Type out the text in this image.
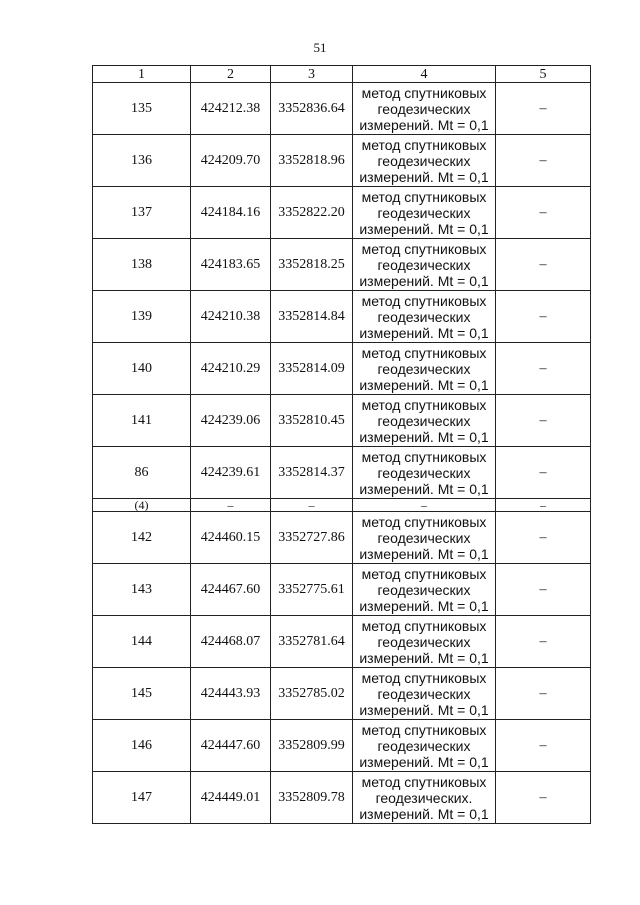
51
1	2	3	4	5
135	424212.38	3352836.64	метод спутниковых
геодезических
измерений. Mt = 0,1	–
136	424209.70	3352818.96	метод спутниковых
геодезических
измерений. Mt = 0,1	–
137	424184.16	3352822.20	метод спутниковых
геодезических
измерений. Mt = 0,1	–
138	424183.65	3352818.25	метод спутниковых
геодезических
измерений. Mt = 0,1	–
139	424210.38	3352814.84	метод спутниковых
геодезических
измерений. Mt = 0,1	–
140	424210.29	3352814.09	метод спутниковых
геодезических
измерений. Mt = 0,1	–
141	424239.06	3352810.45	метод спутниковых
геодезических
измерений. Mt = 0,1	–
86	424239.61	3352814.37	метод спутниковых
геодезических
измерений. Mt = 0,1	–
(4)	–	–	–	–
142	424460.15	3352727.86	метод спутниковых
геодезических
измерений. Mt = 0,1	–
143	424467.60	3352775.61	метод спутниковых
геодезических
измерений. Mt = 0,1	–
144	424468.07	3352781.64	метод спутниковых
геодезических
измерений. Mt = 0,1	–
145	424443.93	3352785.02	метод спутниковых
геодезических
измерений. Mt = 0,1	–
146	424447.60	3352809.99	метод спутниковых
геодезических
измерений. Mt = 0,1	–
147	424449.01	3352809.78	метод спутниковых
геодезических.
измерений. Mt = 0,1	–
